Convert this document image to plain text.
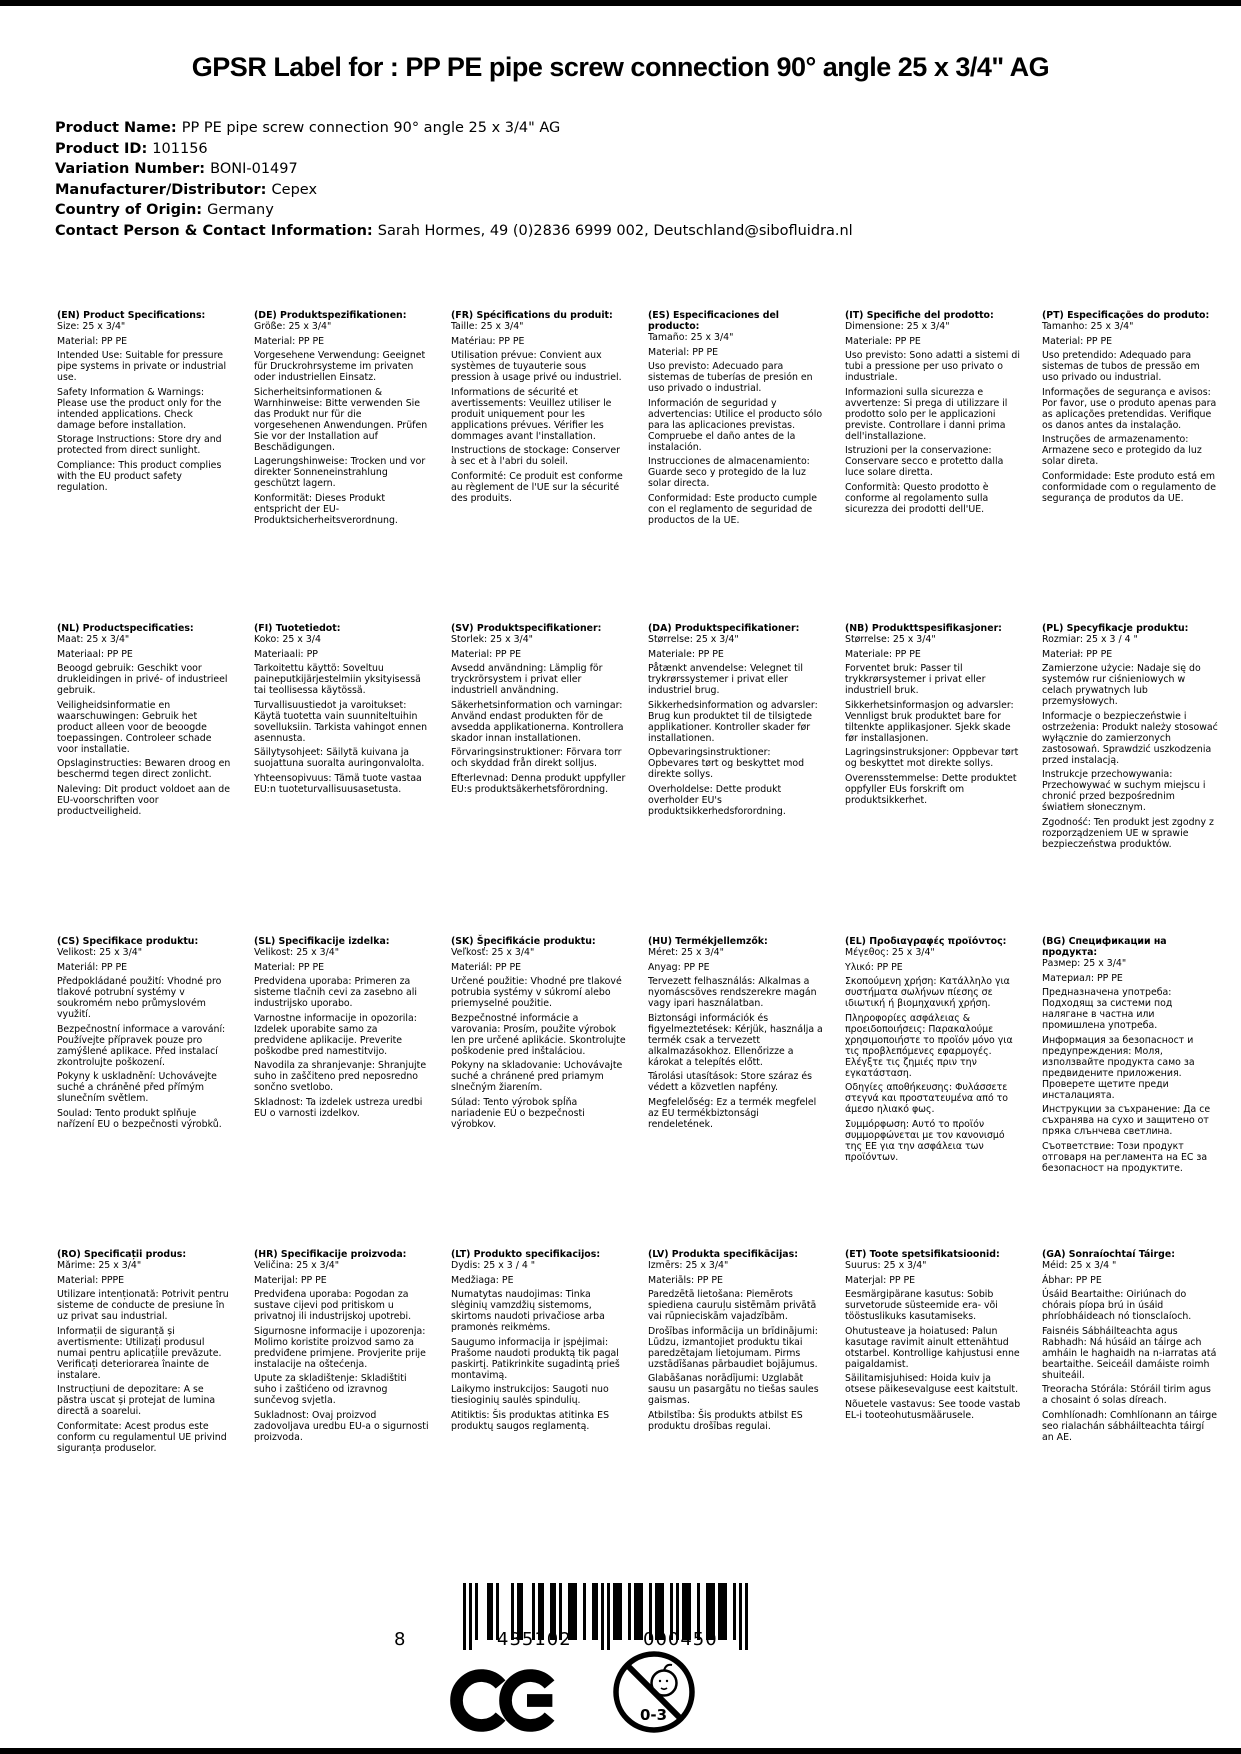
GPSR Label for : PP PE pipe screw connection 90° angle 25 x 3/4" AG
Product Name: PP PE pipe screw connection 90° angle 25 x 3/4" AG
Product ID: 101156
Variation Number: BONI-01497
Manufacturer/Distributor: Cepex
Country of Origin: Germany
Contact Person & Contact Information: Sarah Hormes, 49 (0)2836 6999 002, Deutschland@sibofluidra.nl
(EN) Product Specifications:

Size: 25 x 3/4"

Material: PP PE

Intended Use: Suitable for pressure pipe systems in private or industrial use.

Safety Information & Warnings: Please use the product only for the intended applications. Check damage before installation.

Storage Instructions: Store dry and protected from direct sunlight.

Compliance: This product complies with the EU product safety regulation.

(DE) Produktspezifikationen:

Größe: 25 x 3/4"

Material: PP PE

Vorgesehene Verwendung: Geeignet für Druckrohrsysteme im privaten oder industriellen Einsatz.

Sicherheitsinformationen & Warnhinweise: Bitte verwenden Sie das Produkt nur für die vorgesehenen Anwendungen. Prüfen Sie vor der Installation auf Beschädigungen.

Lagerungshinweise: Trocken und vor direkter Sonneneinstrahlung geschützt lagern.

Konformität: Dieses Produkt entspricht der EU-Produktsicherheitsverordnung.

(FR) Spécifications du produit:

Taille: 25 x 3/4"

Matériau: PP PE

Utilisation prévue: Convient aux systèmes de tuyauterie sous pression à usage privé ou industriel.

Informations de sécurité et avertissements: Veuillez utiliser le produit uniquement pour les applications prévues. Vérifier les dommages avant l'installation.

Instructions de stockage: Conserver à sec et à l'abri du soleil.

Conformité: Ce produit est conforme au règlement de l'UE sur la sécurité des produits.

(ES) Especificaciones del producto:

Tamaño: 25 x 3/4"

Material: PP PE

Uso previsto: Adecuado para sistemas de tuberías de presión en uso privado o industrial.

Información de seguridad y advertencias: Utilice el producto sólo para las aplicaciones previstas. Compruebe el daño antes de la instalación.

Instrucciones de almacenamiento: Guarde seco y protegido de la luz solar directa.

Conformidad: Este producto cumple con el reglamento de seguridad de productos de la UE.

(IT) Specifiche del prodotto:

Dimensione: 25 x 3/4"

Materiale: PP PE

Uso previsto: Sono adatti a sistemi di tubi a pressione per uso privato o industriale.

Informazioni sulla sicurezza e avvertenze: Si prega di utilizzare il prodotto solo per le applicazioni previste. Controllare i danni prima dell'installazione.

Istruzioni per la conservazione: Conservare secco e protetto dalla luce solare diretta.

Conformità: Questo prodotto è conforme al regolamento sulla sicurezza dei prodotti dell'UE.

(PT) Especificações do produto:

Tamanho: 25 x 3/4"

Material: PP PE

Uso pretendido: Adequado para sistemas de tubos de pressão em uso privado ou industrial.

Informações de segurança e avisos: Por favor, use o produto apenas para as aplicações pretendidas. Verifique os danos antes da instalação.

Instruções de armazenamento: Armazene seco e protegido da luz solar direta.

Conformidade: Este produto está em conformidade com o regulamento de segurança de produtos da UE.

(NL) Productspecificaties:

Maat: 25 x 3/4"

Materiaal: PP PE

Beoogd gebruik: Geschikt voor drukleidingen in privé- of industrieel gebruik.

Veiligheidsinformatie en waarschuwingen: Gebruik het product alleen voor de beoogde toepassingen. Controleer schade voor installatie.

Opslaginstructies: Bewaren droog en beschermd tegen direct zonlicht.

Naleving: Dit product voldoet aan de EU-voorschriften voor productveiligheid.

(FI) Tuotetiedot:

Koko: 25 x 3/4

Materiaali: PP

Tarkoitettu käyttö: Soveltuu paineputkijärjestelmiin yksityisessä tai teollisessa käytössä.

Turvallisuustiedot ja varoitukset: Käytä tuotetta vain suunniteltuihin sovelluksiin. Tarkista vahingot ennen asennusta.

Säilytysohjeet: Säilytä kuivana ja suojattuna suoralta auringonvalolta.

Yhteensopivuus: Tämä tuote vastaa EU:n tuoteturvallisuusasetusta.

(SV) Produktspecifikationer:

Storlek: 25 x 3/4"

Material: PP PE

Avsedd användning: Lämplig för tryckrörsystem i privat eller industriell användning.

Säkerhetsinformation och varningar: Använd endast produkten för de avsedda applikationerna. Kontrollera skador innan installationen.

Förvaringsinstruktioner: Förvara torr och skyddad från direkt solljus.

Efterlevnad: Denna produkt uppfyller EU:s produktsäkerhetsförordning.

(DA) Produktspecifikationer:

Størrelse: 25 x 3/4"

Materiale: PP PE

Påtænkt anvendelse: Velegnet til trykrørssystemer i privat eller industriel brug.

Sikkerhedsinformation og advarsler: Brug kun produktet til de tilsigtede applikationer. Kontroller skader før installationen.

Opbevaringsinstruktioner: Opbevares tørt og beskyttet mod direkte sollys.

Overholdelse: Dette produkt overholder EU's produktsikkerhedsforordning.

(NB) Produkttspesifikasjoner:

Størrelse: 25 x 3/4"

Materiale: PP PE

Forventet bruk: Passer til trykkrørsystemer i privat eller industriell bruk.

Sikkerhetsinformasjon og advarsler: Vennligst bruk produktet bare for tiltenkte applikasjoner. Sjekk skade før installasjonen.

Lagringsinstruksjoner: Oppbevar tørt og beskyttet mot direkte sollys.

Overensstemmelse: Dette produktet oppfyller EUs forskrift om produktsikkerhet.

(PL) Specyfikacje produktu:

Rozmiar: 25 x 3 / 4 "

Materiał: PP PE

Zamierzone użycie: Nadaje się do systemów rur ciśnieniowych w celach prywatnych lub przemysłowych.

Informacje o bezpieczeństwie i ostrzeżenia: Produkt należy stosować wyłącznie do zamierzonych zastosowań. Sprawdzić uszkodzenia przed instalacją.

Instrukcje przechowywania: Przechowywać w suchym miejscu i chronić przed bezpośrednim światłem słonecznym.

Zgodność: Ten produkt jest zgodny z rozporządzeniem UE w sprawie bezpieczeństwa produktów.

(CS) Specifikace produktu:

Velikost: 25 x 3/4"

Materiál: PP PE

Předpokládané použití: Vhodné pro tlakové potrubní systémy v soukromém nebo průmyslovém využití.

Bezpečnostní informace a varování: Používejte přípravek pouze pro zamýšlené aplikace. Před instalací zkontrolujte poškození.

Pokyny k uskladnění: Uchovávejte suché a chráněné před přímým slunečním světlem.

Soulad: Tento produkt splňuje nařízení EU o bezpečnosti výrobků.

(SL) Specifikacije izdelka:

Velikost: 25 x 3/4"

Material: PP PE

Predvidena uporaba: Primeren za sisteme tlačnih cevi za zasebno ali industrijsko uporabo.

Varnostne informacije in opozorila: Izdelek uporabite samo za predvidene aplikacije. Preverite poškodbe pred namestitvijo.

Navodila za shranjevanje: Shranjujte suho in zaščiteno pred neposredno sončno svetlobo.

Skladnost: Ta izdelek ustreza uredbi EU o varnosti izdelkov.

(SK) Špecifikácie produktu:

Veľkosť: 25 x 3/4"

Materiál: PP PE

Určené použitie: Vhodné pre tlakové potrubia systémy v súkromí alebo priemyselné použitie.

Bezpečnostné informácie a varovania: Prosím, použite výrobok len pre určené aplikácie. Skontrolujte poškodenie pred inštaláciou.

Pokyny na skladovanie: Uchovávajte suché a chránené pred priamym slnečným žiarením.

Súlad: Tento výrobok spĺňa nariadenie EÚ o bezpečnosti výrobkov.

(HU) Termékjellemzők:

Méret: 25 x 3/4"

Anyag: PP PE

Tervezett felhasználás: Alkalmas a nyomáscsöves rendszerekre magán vagy ipari használatban.

Biztonsági információk és figyelmeztetések: Kérjük, használja a termék csak a tervezett alkalmazásokhoz. Ellenőrizze a károkat a telepítés előtt.

Tárolási utasítások: Store száraz és védett a közvetlen napfény.

Megfelelőség: Ez a termék megfelel az EU termékbiztonsági rendeletének.

(EL) Προδιαγραφές προϊόντος:

Μέγεθος: 25 x 3/4"

Υλικό: PP PE

Σκοπούμενη χρήση: Κατάλληλο για συστήματα σωλήνων πίεσης σε ιδιωτική ή βιομηχανική χρήση.

Πληροφορίες ασφάλειας & προειδοποιήσεις: Παρακαλούμε χρησιμοποιήστε το προϊόν μόνο για τις προβλεπόμενες εφαρμογές. Ελέγξτε τις ζημιές πριν την εγκατάσταση.

Οδηγίες αποθήκευσης: Φυλάσσετε στεγνά και προστατευμένα από το άμεσο ηλιακό φως.

Συμμόρφωση: Αυτό το προϊόν συμμορφώνεται με τον κανονισμό της ΕΕ για την ασφάλεια των προϊόντων.

(BG) Спецификации на продукта:

Размер: 25 x 3/4"

Материал: PP PE

Предназначена употреба: Подходящ за системи под налягане в частна или промишлена употреба.

Информация за безопасност и предупреждения: Моля, използвайте продукта само за предвидените приложения. Проверете щетите преди инсталацията.

Инструкции за съхранение: Да се съхранява на сухо и защитено от пряка слънчева светлина.

Съответствие: Този продукт отговаря на регламента на ЕС за безопасност на продуктите.

(RO) Specificații produs:

Mărime: 25 x 3/4"

Material: PPPE

Utilizare intenționată: Potrivit pentru sisteme de conducte de presiune în uz privat sau industrial.

Informații de siguranță și avertismente: Utilizați produsul numai pentru aplicațiile prevăzute. Verificați deteriorarea înainte de instalare.

Instrucțiuni de depozitare: A se păstra uscat și protejat de lumina directă a soarelui.

Conformitate: Acest produs este conform cu regulamentul UE privind siguranța produselor.

(HR) Specifikacije proizvoda:

Veličina: 25 x 3/4"

Materijal: PP PE

Predviđena uporaba: Pogodan za sustave cijevi pod pritiskom u privatnoj ili industrijskoj upotrebi.

Sigurnosne informacije i upozorenja: Molimo koristite proizvod samo za predviđene primjene. Provjerite prije instalacije na oštećenja.

Upute za skladištenje: Skladištiti suho i zaštićeno od izravnog sunčevog svjetla.

Sukladnost: Ovaj proizvod zadovoljava uredbu EU-a o sigurnosti proizvoda.

(LT) Produkto specifikacijos:

Dydis: 25 x 3 / 4 "

Medžiaga: PE

Numatytas naudojimas: Tinka slėginių vamzdžių sistemoms, skirtoms naudoti privačiose arba pramonės reikmėms.

Saugumo informacija ir įspėjimai: Prašome naudoti produktą tik pagal paskirtį. Patikrinkite sugadintą prieš montavimą.

Laikymo instrukcijos: Saugoti nuo tiesioginių saulės spindulių.

Atitiktis: Šis produktas atitinka ES produktų saugos reglamentą.

(LV) Produkta specifikācijas:

Izmērs: 25 x 3/4"

Materiāls: PP PE

Paredzētā lietošana: Piemērots spiediena cauruļu sistēmām privātā vai rūpnieciskām vajadzībām.

Drošības informācija un brīdinājumi: Lūdzu, izmantojiet produktu tikai paredzētajam lietojumam. Pirms uzstādīšanas pārbaudiet bojājumus.

Glabāšanas norādījumi: Uzglabāt sausu un pasargātu no tiešas saules gaismas.

Atbilstība: Šis produkts atbilst ES produktu drošības regulai.

(ET) Toote spetsifikatsioonid:

Suurus: 25 x 3/4"

Materjal: PP PE

Eesmärgipärane kasutus: Sobib survetorude süsteemide era- või tööstuslikuks kasutamiseks.

Ohutusteave ja hoiatused: Palun kasutage ravimit ainult ettenähtud otstarbel. Kontrollige kahjustusi enne paigaldamist.

Säilitamisjuhised: Hoida kuiv ja otsese päikesevalguse eest kaitstult.

Nõuetele vastavus: See toode vastab EL-i tooteohutusmäärusele.

(GA) Sonraíochtaí Táirge:

Méid: 25 x 3/4 "

Ábhar: PP PE

Úsáid Beartaithe: Oiriúnach do chórais píopa brú in úsáid phríobháideach nó tionsclaíoch.

Faisnéis Sábháilteachta agus Rabhadh: Ná húsáid an táirge ach amháin le haghaidh na n-iarratas atá beartaithe. Seiceáil damáiste roimh shuiteáil.

Treoracha Stórála: Stóráil tirim agus a chosaint ó solas díreach.

Comhlíonadh: Comhlíonann an táirge seo rialachán sábháilteachta táirgí an AE.

8	435102	000450
0-3
